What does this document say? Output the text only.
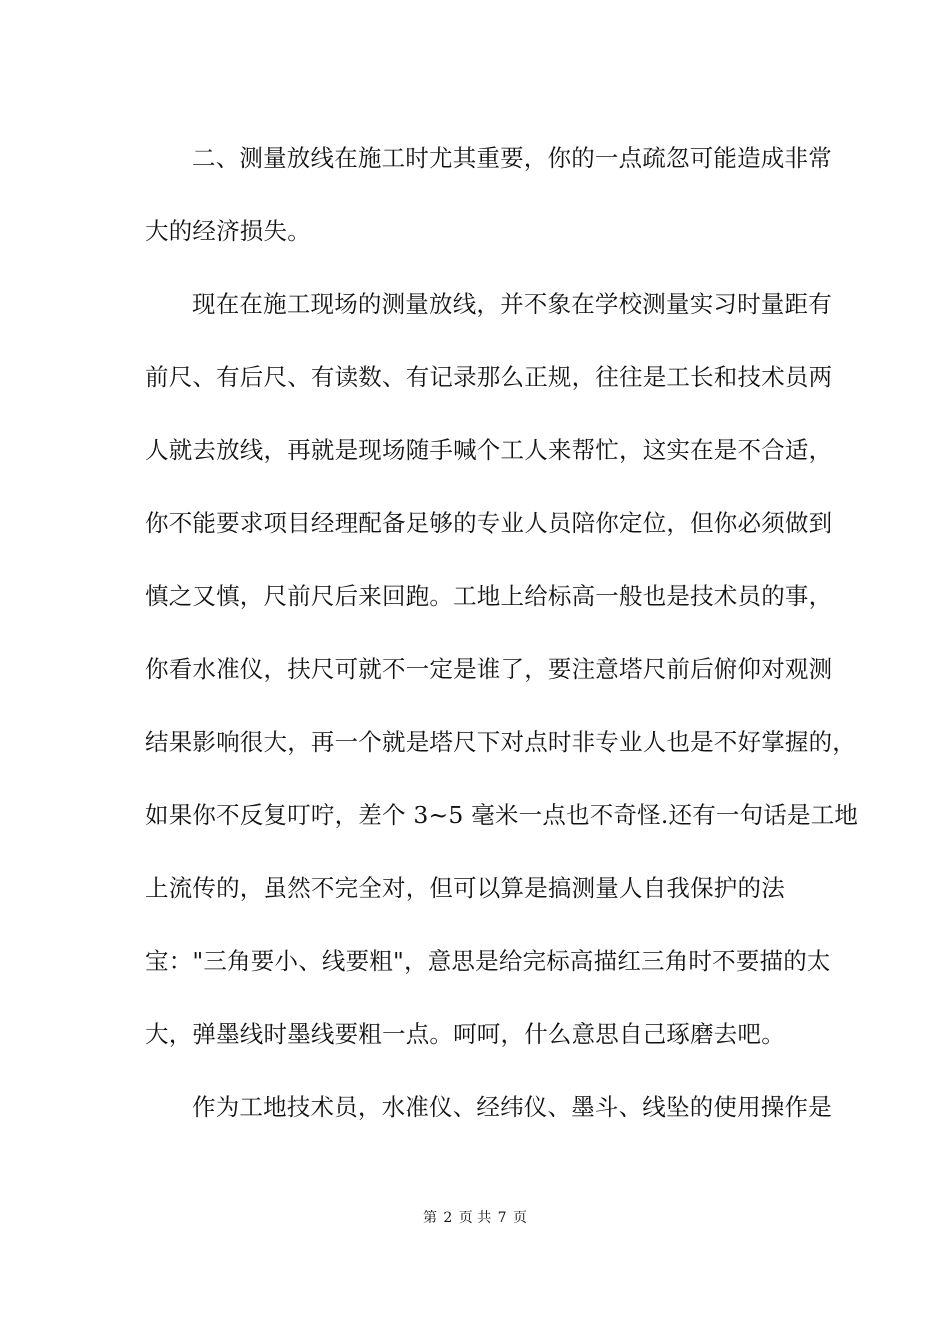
二、测量放线在施工时尤其重要，你的一点疏忽可能造成非常
大的经济损失。
现在在施工现场的测量放线，并不象在学校测量实习时量距有
前尺、有后尺、有读数、有记录那么正规，往往是工长和技术员两
人就去放线，再就是现场随手喊个工人来帮忙，这实在是不合适，
你不能要求项目经理配备足够的专业人员陪你定位，但你必须做到
慎之又慎，尺前尺后来回跑。工地上给标高一般也是技术员的事，
你看水准仪，扶尺可就不一定是谁了，要注意塔尺前后俯仰对观测
结果影响很大，再一个就是塔尺下对点时非专业人也是不好掌握的，
如果你不反复叮咛，差个 3~5 毫米一点也不奇怪.还有一句话是工地
上流传的，虽然不完全对，但可以算是搞测量人自我保护的法
宝："三角要小、线要粗"，意思是给完标高描红三角时不要描的太
大，弹墨线时墨线要粗一点。呵呵，什么意思自己琢磨去吧。
作为工地技术员，水准仪、经纬仪、墨斗、线坠的使用操作是
第 2 页 共 7 页
